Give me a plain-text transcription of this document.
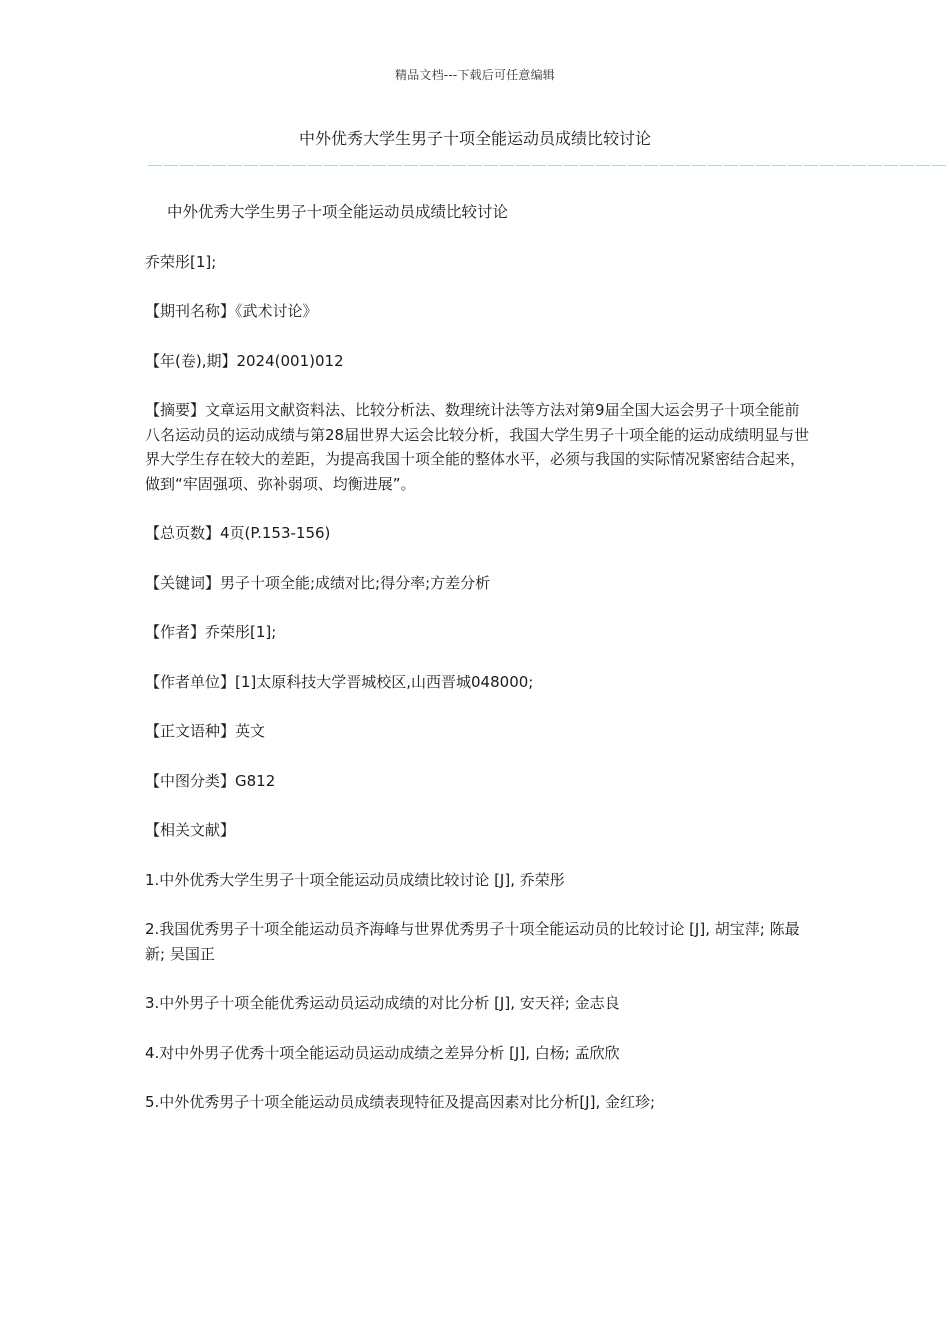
精品文档---下载后可任意编辑
中外优秀大学生男子十项全能运动员成绩比较讨论
＿＿＿＿＿＿＿＿＿＿＿＿＿＿＿＿＿＿＿＿＿＿＿＿＿＿＿＿＿＿＿＿＿＿＿＿＿＿＿＿＿＿＿＿＿＿＿＿＿＿

中外优秀大学生男子十项全能运动员成绩比较讨论

乔荣彤[1];

【期刊名称】《武术讨论》

【年(卷),期】2024(001)012

【摘要】文章运用文献资料法、比较分析法、数理统计法等方法对第9届全国大运会男子十项全能前八名运动员的运动成绩与第28届世界大运会比较分析，我国大学生男子十项全能的运动成绩明显与世界大学生存在较大的差距，为提高我国十项全能的整体水平，必须与我国的实际情况紧密结合起来，做到“牢固强项、弥补弱项、均衡进展”。

【总页数】4页(P.153-156)

【关键词】男子十项全能;成绩对比;得分率;方差分析

【作者】乔荣彤[1];

【作者单位】[1]太原科技大学晋城校区,山西晋城048000;

【正文语种】英文

【中图分类】G812

【相关文献】

1.中外优秀大学生男子十项全能运动员成绩比较讨论 [J], 乔荣彤

2.我国优秀男子十项全能运动员齐海峰与世界优秀男子十项全能运动员的比较讨论 [J], 胡宝萍; 陈最新; 吴国正

3.中外男子十项全能优秀运动员运动成绩的对比分析 [J], 安天祥; 金志良

4.对中外男子优秀十项全能运动员运动成绩之差异分析 [J], 白杨; 孟欣欣

5.中外优秀男子十项全能运动员成绩表现特征及提高因素对比分析[J], 金红珍;
